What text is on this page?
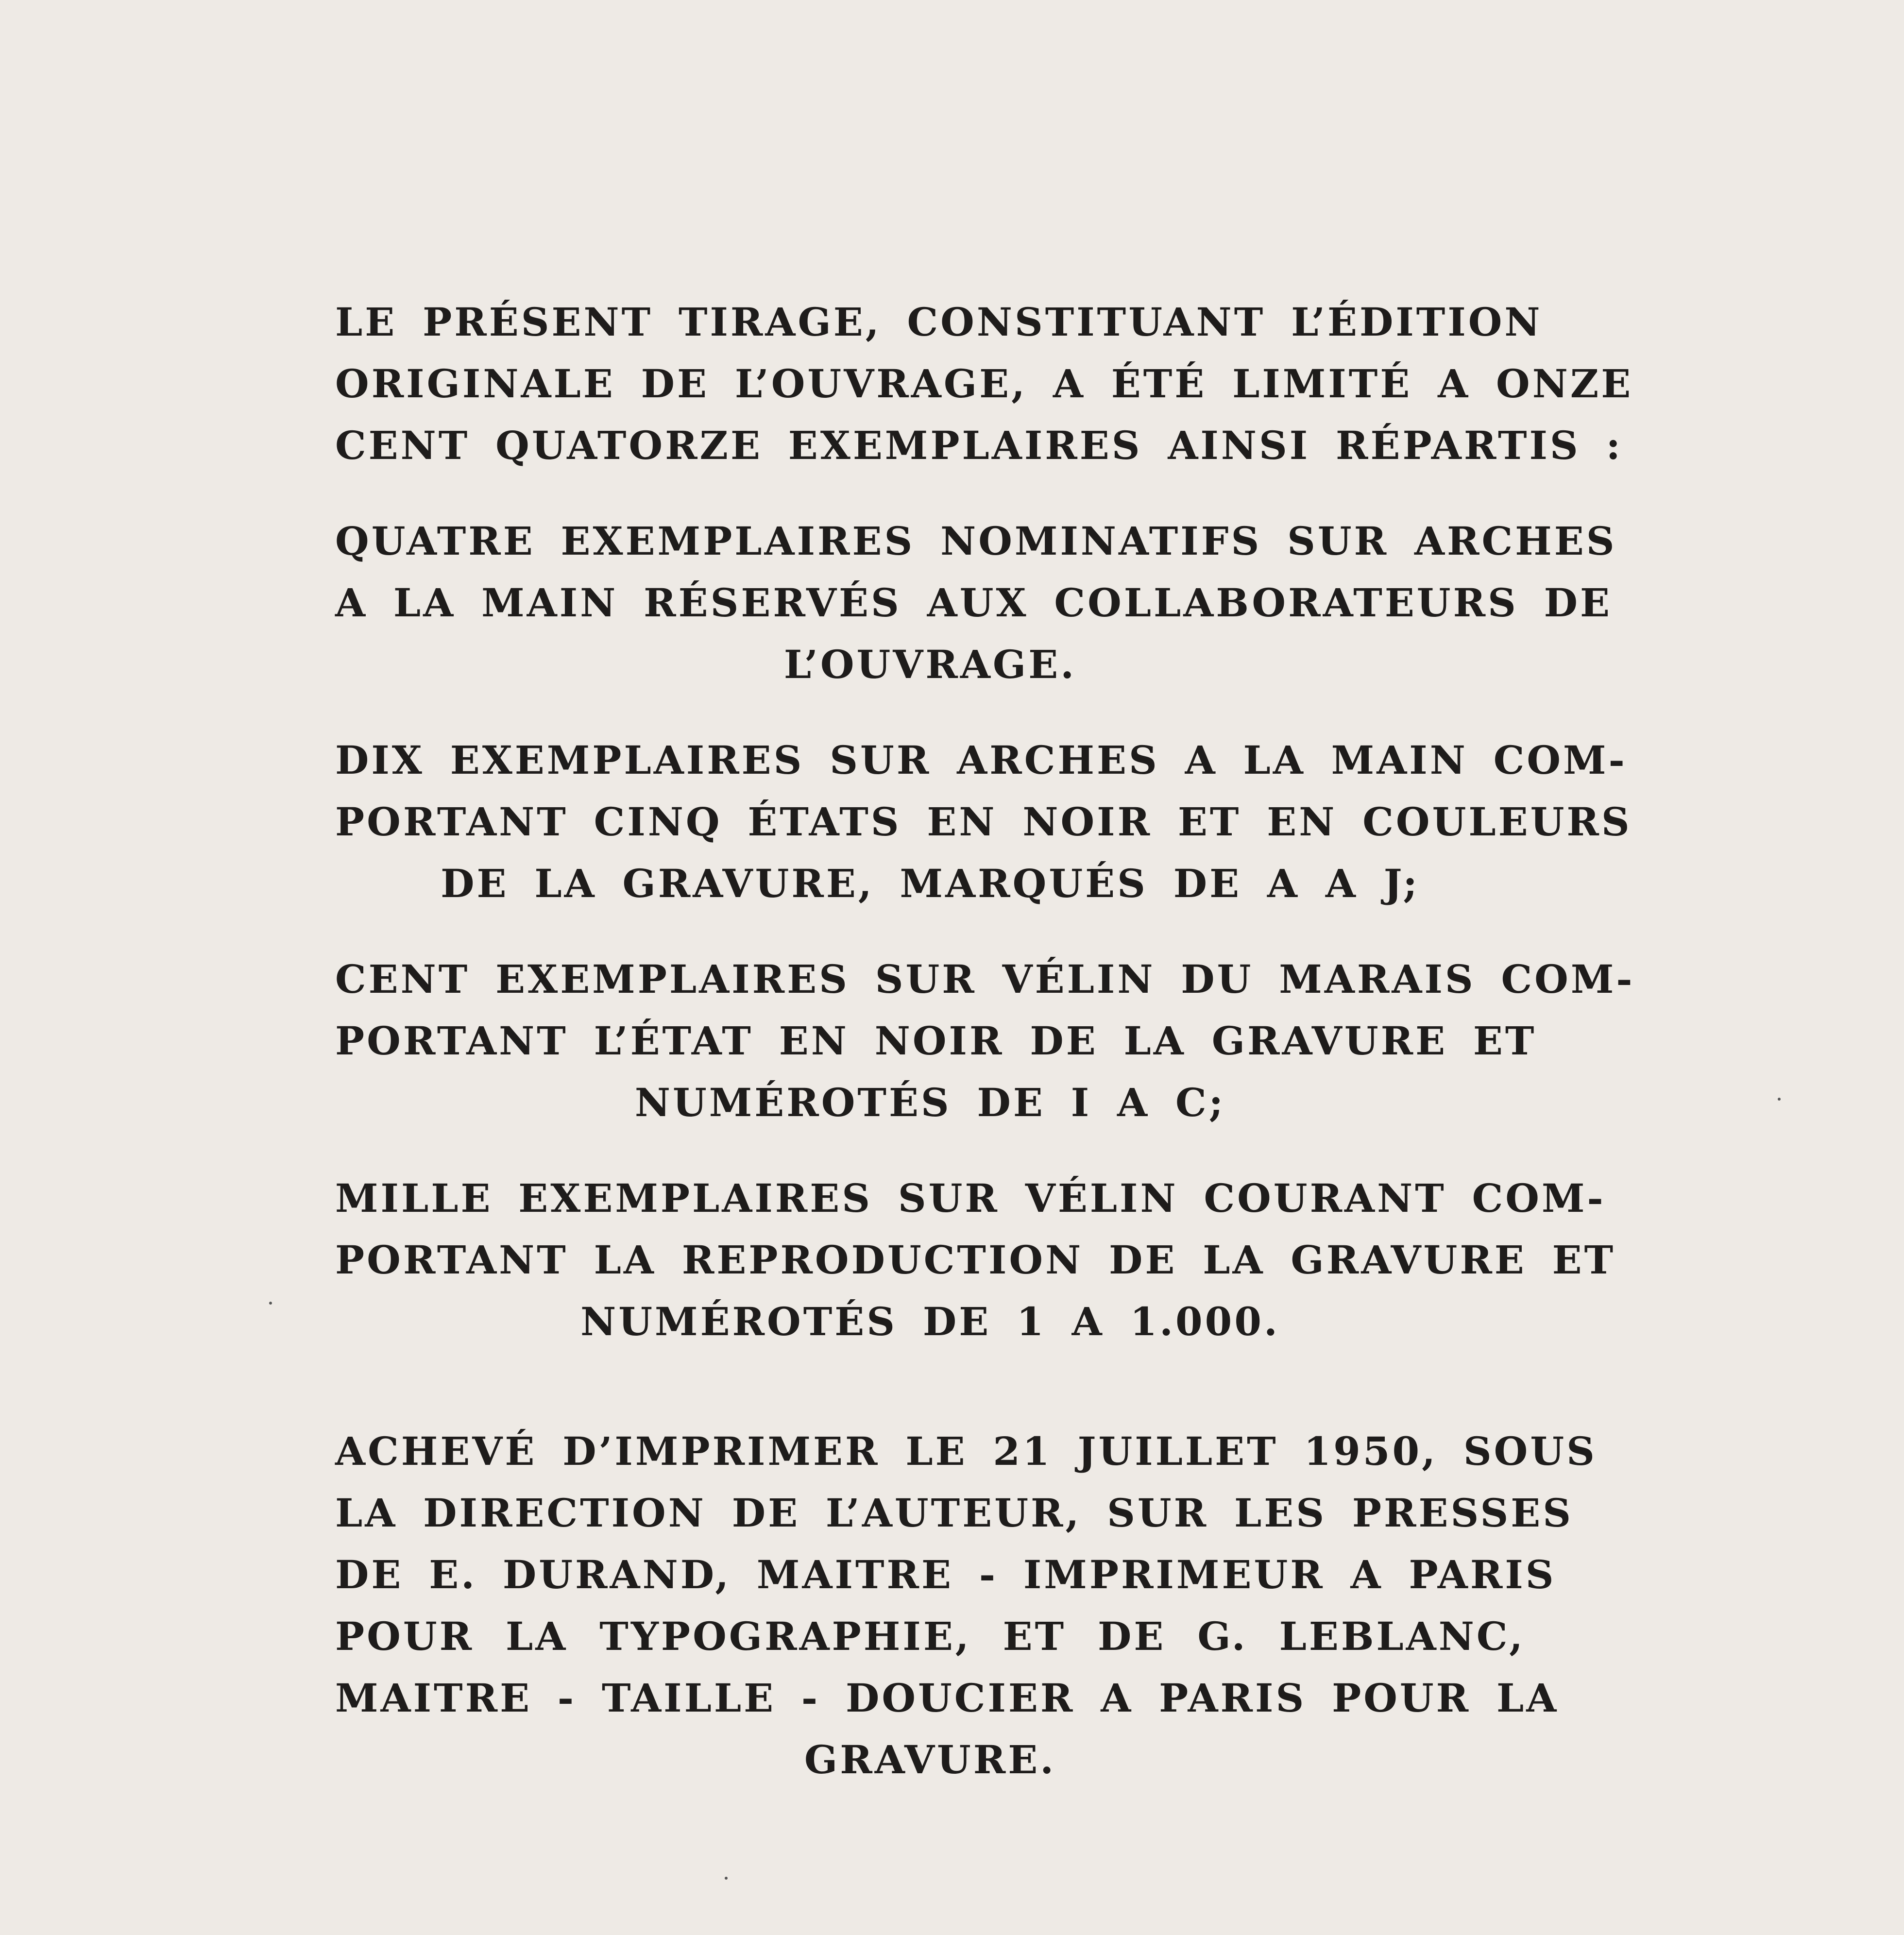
LE PRÉSENT TIRAGE, CONSTITUANT L’ÉDITION
ORIGINALE DE L’OUVRAGE, A ÉTÉ LIMITÉ A ONZE
CENT QUATORZE EXEMPLAIRES AINSI RÉPARTIS :
QUATRE EXEMPLAIRES NOMINATIFS SUR ARCHES
A LA MAIN RÉSERVÉS AUX COLLABORATEURS DE
L’OUVRAGE.
DIX EXEMPLAIRES SUR ARCHES A LA MAIN COM-
PORTANT CINQ ÉTATS EN NOIR ET EN COULEURS
DE LA GRAVURE, MARQUÉS DE A A J;
CENT EXEMPLAIRES SUR VÉLIN DU MARAIS COM-
PORTANT L’ÉTAT EN NOIR DE LA GRAVURE ET
NUMÉROTÉS DE I A C;
MILLE EXEMPLAIRES SUR VÉLIN COURANT COM-
PORTANT LA REPRODUCTION DE LA GRAVURE ET
NUMÉROTÉS DE 1 A 1.000.
ACHEVÉ D’IMPRIMER LE 21 JUILLET 1950, SOUS
LA DIRECTION DE L’AUTEUR, SUR LES PRESSES
DE E. DURAND, MAITRE - IMPRIMEUR A PARIS
POUR LA TYPOGRAPHIE, ET DE G. LEBLANC,
MAITRE - TAILLE - DOUCIER A PARIS POUR LA
GRAVURE.
